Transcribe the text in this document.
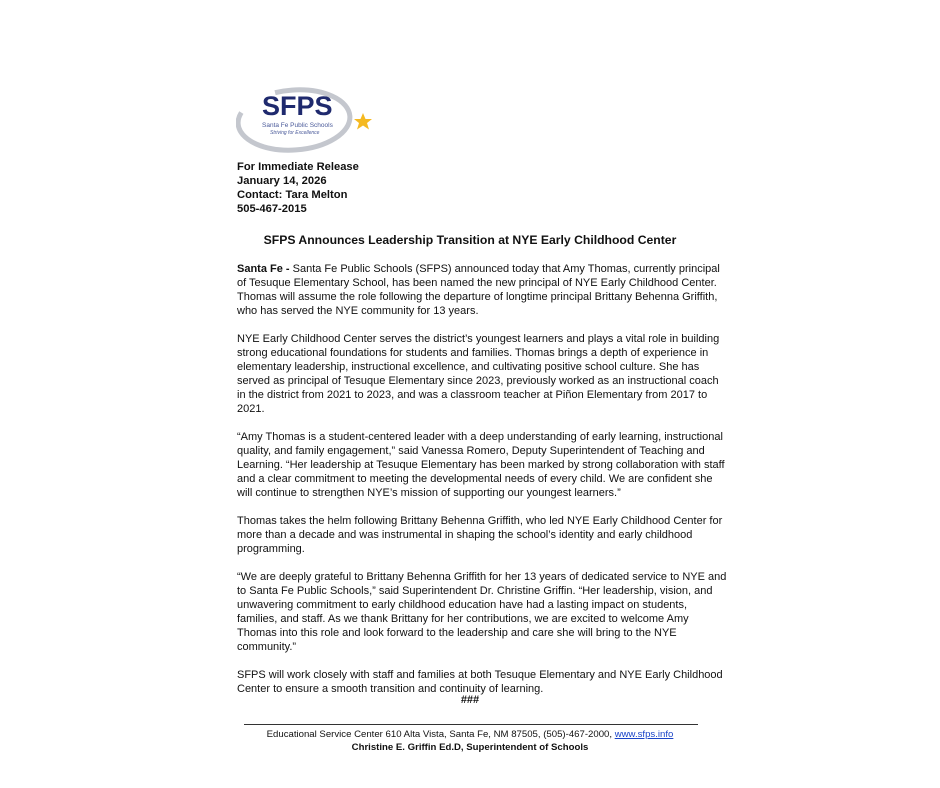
SFPS
Santa Fe Public Schools
Striving for Excellence
For Immediate Release
January 14, 2026
Contact: Tara Melton
505-467-2015
SFPS Announces Leadership Transition at NYE Early Childhood Center
Santa Fe - Santa Fe Public Schools (SFPS) announced today that Amy Thomas, currently principal
of Tesuque Elementary School, has been named the new principal of NYE Early Childhood Center.
Thomas will assume the role following the departure of longtime principal Brittany Behenna Griffith,
who has served the NYE community for 13 years.
NYE Early Childhood Center serves the district’s youngest learners and plays a vital role in building
strong educational foundations for students and families. Thomas brings a depth of experience in
elementary leadership, instructional excellence, and cultivating positive school culture. She has
served as principal of Tesuque Elementary since 2023, previously worked as an instructional coach
in the district from 2021 to 2023, and was a classroom teacher at Piñon Elementary from 2017 to
2021.
“Amy Thomas is a student-centered leader with a deep understanding of early learning, instructional
quality, and family engagement,” said Vanessa Romero, Deputy Superintendent of Teaching and
Learning. “Her leadership at Tesuque Elementary has been marked by strong collaboration with staff
and a clear commitment to meeting the developmental needs of every child. We are confident she
will continue to strengthen NYE’s mission of supporting our youngest learners.”
Thomas takes the helm following Brittany Behenna Griffith, who led NYE Early Childhood Center for
more than a decade and was instrumental in shaping the school’s identity and early childhood
programming.
“We are deeply grateful to Brittany Behenna Griffith for her 13 years of dedicated service to NYE and
to Santa Fe Public Schools,” said Superintendent Dr. Christine Griffin. “Her leadership, vision, and
unwavering commitment to early childhood education have had a lasting impact on students,
families, and staff. As we thank Brittany for her contributions, we are excited to welcome Amy
Thomas into this role and look forward to the leadership and care she will bring to the NYE
community.”
SFPS will work closely with staff and families at both Tesuque Elementary and NYE Early Childhood
Center to ensure a smooth transition and continuity of learning.
###
Educational Service Center 610 Alta Vista, Santa Fe, NM 87505, (505)-467-2000, www.sfps.info
Christine E. Griffin Ed.D, Superintendent of Schools
